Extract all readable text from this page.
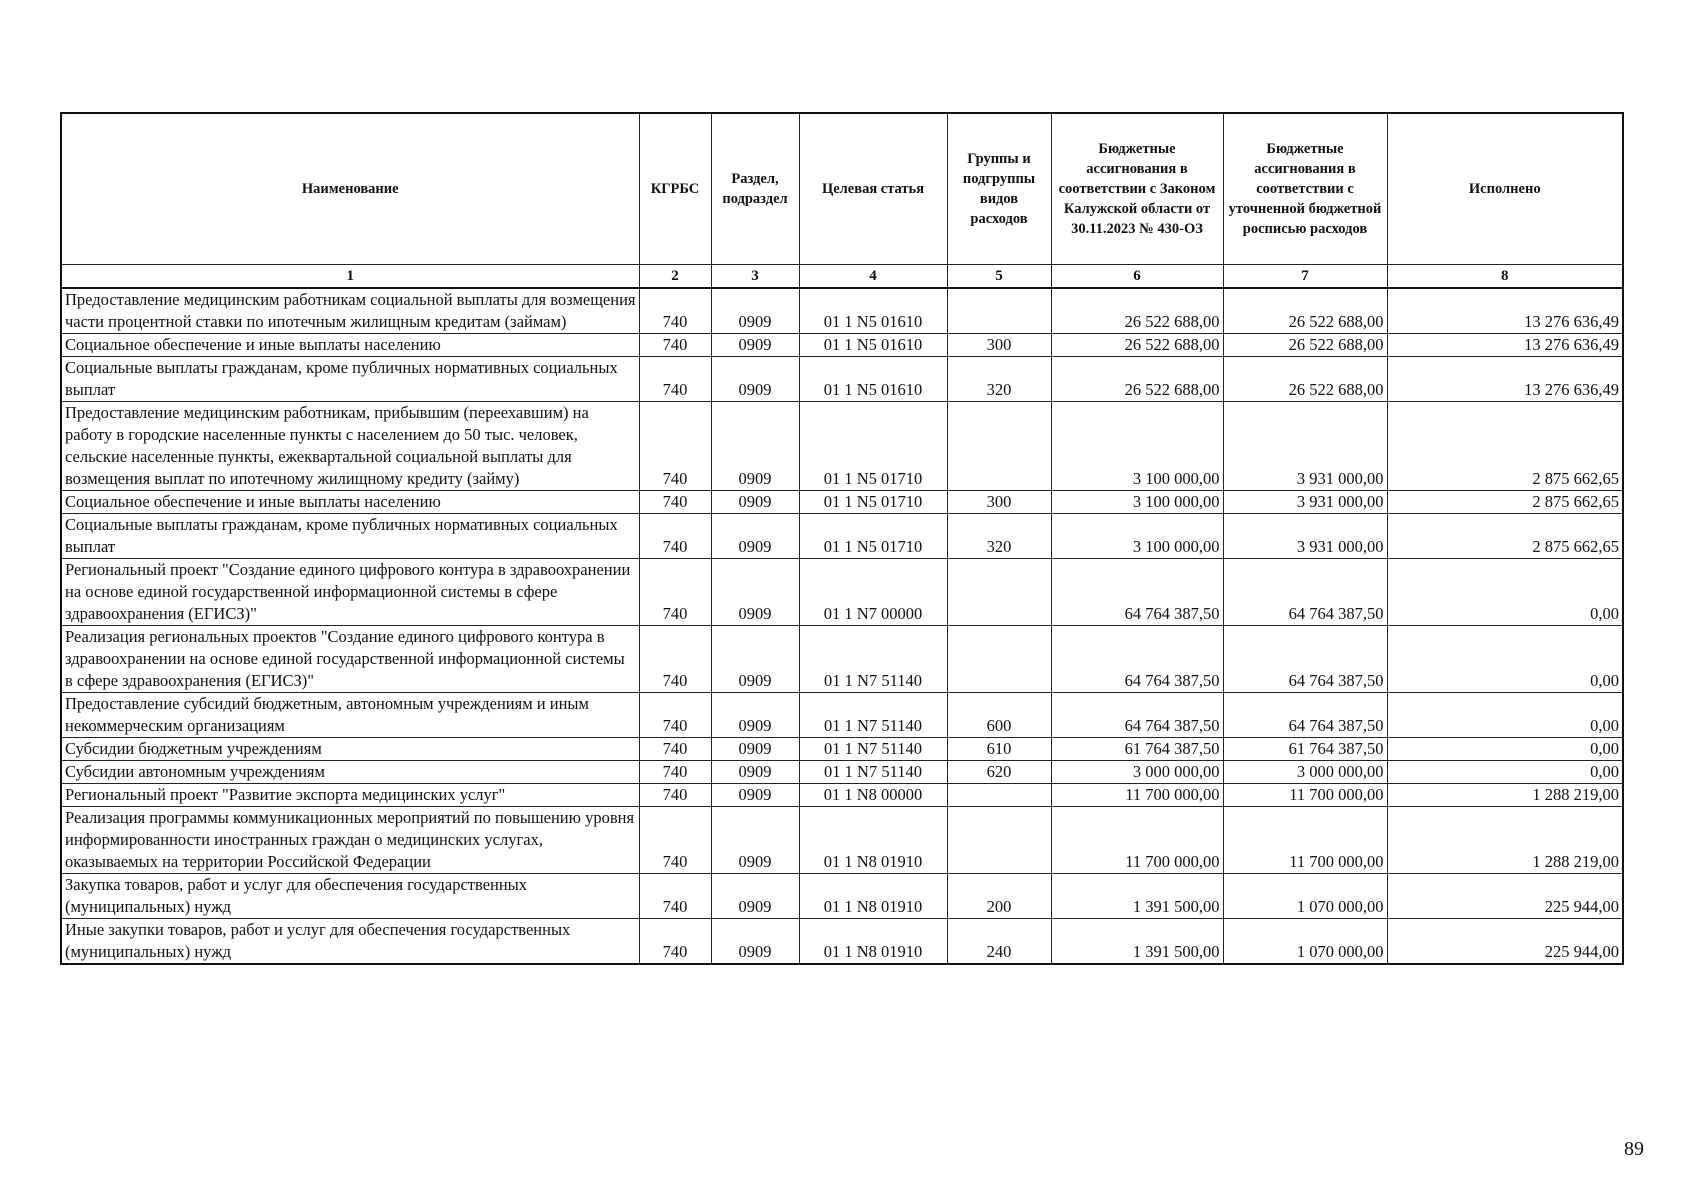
Наименование	КГРБС	Раздел, подраздел	Целевая статья	Группы и подгруппы видов расходов	Бюджетные ассигнования в соответствии с Законом Калужской области от 30.11.2023 № 430-ОЗ	Бюджетные ассигнования в соответствии с уточненной бюджетной росписью расходов	Исполнено
1	2	3	4	5	6	7	8
Предоставление медицинским работникам социальной выплаты для возмещения части процентной ставки по ипотечным жилищным кредитам (займам)	740	0909	01 1 N5 01610		26 522 688,00	26 522 688,00	13 276 636,49
Социальное обеспечение и иные выплаты населению	740	0909	01 1 N5 01610	300	26 522 688,00	26 522 688,00	13 276 636,49
Социальные выплаты гражданам, кроме публичных нормативных социальных выплат	740	0909	01 1 N5 01610	320	26 522 688,00	26 522 688,00	13 276 636,49
Предоставление медицинским работникам, прибывшим (переехавшим) на работу в городские населенные пункты с населением до 50 тыс. человек, сельские населенные пункты, ежеквартальной социальной выплаты для возмещения выплат по ипотечному жилищному кредиту (займу)	740	0909	01 1 N5 01710		3 100 000,00	3 931 000,00	2 875 662,65
Социальное обеспечение и иные выплаты населению	740	0909	01 1 N5 01710	300	3 100 000,00	3 931 000,00	2 875 662,65
Социальные выплаты гражданам, кроме публичных нормативных социальных выплат	740	0909	01 1 N5 01710	320	3 100 000,00	3 931 000,00	2 875 662,65
Региональный проект "Создание единого цифрового контура в здравоохранении на основе единой государственной информационной системы в сфере здравоохранения (ЕГИСЗ)"	740	0909	01 1 N7 00000		64 764 387,50	64 764 387,50	0,00
Реализация региональных проектов "Создание единого цифрового контура в здравоохранении на основе единой государственной информационной системы в сфере здравоохранения (ЕГИСЗ)"	740	0909	01 1 N7 51140		64 764 387,50	64 764 387,50	0,00
Предоставление субсидий бюджетным, автономным учреждениям и иным некоммерческим организациям	740	0909	01 1 N7 51140	600	64 764 387,50	64 764 387,50	0,00
Субсидии бюджетным учреждениям	740	0909	01 1 N7 51140	610	61 764 387,50	61 764 387,50	0,00
Субсидии автономным учреждениям	740	0909	01 1 N7 51140	620	3 000 000,00	3 000 000,00	0,00
Региональный проект "Развитие экспорта медицинских услуг"	740	0909	01 1 N8 00000		11 700 000,00	11 700 000,00	1 288 219,00
Реализация программы коммуникационных мероприятий по повышению уровня информированности иностранных граждан о медицинских услугах, оказываемых на территории Российской Федерации	740	0909	01 1 N8 01910		11 700 000,00	11 700 000,00	1 288 219,00
Закупка товаров, работ и услуг для обеспечения государственных (муниципальных) нужд	740	0909	01 1 N8 01910	200	1 391 500,00	1 070 000,00	225 944,00
Иные закупки товаров, работ и услуг для обеспечения государственных (муниципальных) нужд	740	0909	01 1 N8 01910	240	1 391 500,00	1 070 000,00	225 944,00
89
